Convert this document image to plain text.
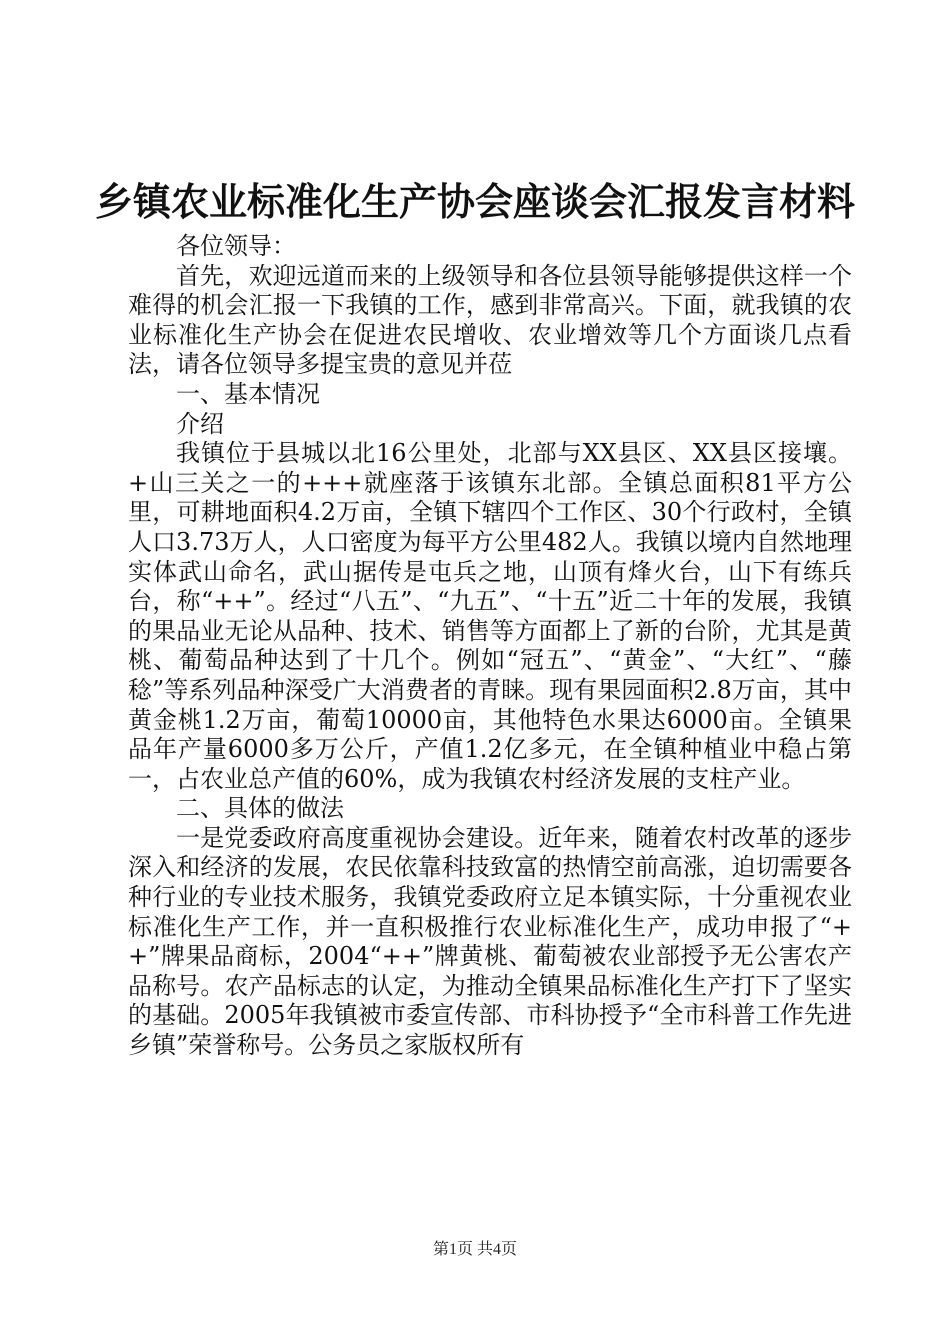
乡镇农业标准化生产协会座谈会汇报发言材料

各位领导：

首先，欢迎远道而来的上级领导和各位县领导能够提供这样一个难得的机会汇报一下我镇的工作，感到非常高兴。下面，就我镇的农业标准化生产协会在促进农民增收、农业增效等几个方面谈几点看法，请各位领导多提宝贵的意见并莅

一、基本情况

介绍

我镇位于县城以北16公里处，北部与XX县区、XX县区接壤。+山三关之一的+++就座落于该镇东北部。全镇总面积81平方公里，可耕地面积4.2万亩，全镇下辖四个工作区、30个行政村，全镇人口3.73万人，人口密度为每平方公里482人。我镇以境内自然地理实体武山命名，武山据传是屯兵之地，山顶有烽火台，山下有练兵台，称“++”。经过“八五”、“九五”、“十五”近二十年的发展，我镇的果品业无论从品种、技术、销售等方面都上了新的台阶，尤其是黄桃、葡萄品种达到了十几个。例如“冠五”、“黄金”、“大红”、“藤稔”等系列品种深受广大消费者的青睐。现有果园面积2.8万亩，其中黄金桃1.2万亩，葡萄10000亩，其他特色水果达6000亩。全镇果品年产量6000多万公斤，产值1.2亿多元，在全镇种植业中稳占第一，占农业总产值的60%，成为我镇农村经济发展的支柱产业。

二、具体的做法

一是党委政府高度重视协会建设。近年来，随着农村改革的逐步深入和经济的发展，农民依靠科技致富的热情空前高涨，迫切需要各种行业的专业技术服务，我镇党委政府立足本镇实际，十分重视农业标准化生产工作，并一直积极推行农业标准化生产，成功申报了“++”牌果品商标，2004“++”牌黄桃、葡萄被农业部授予无公害农产品称号。农产品标志的认定，为推动全镇果品标准化生产打下了坚实的基础。2005年我镇被市委宣传部、市科协授予“全市科普工作先进乡镇”荣誉称号。公务员之家版权所有

第1页 共4页
